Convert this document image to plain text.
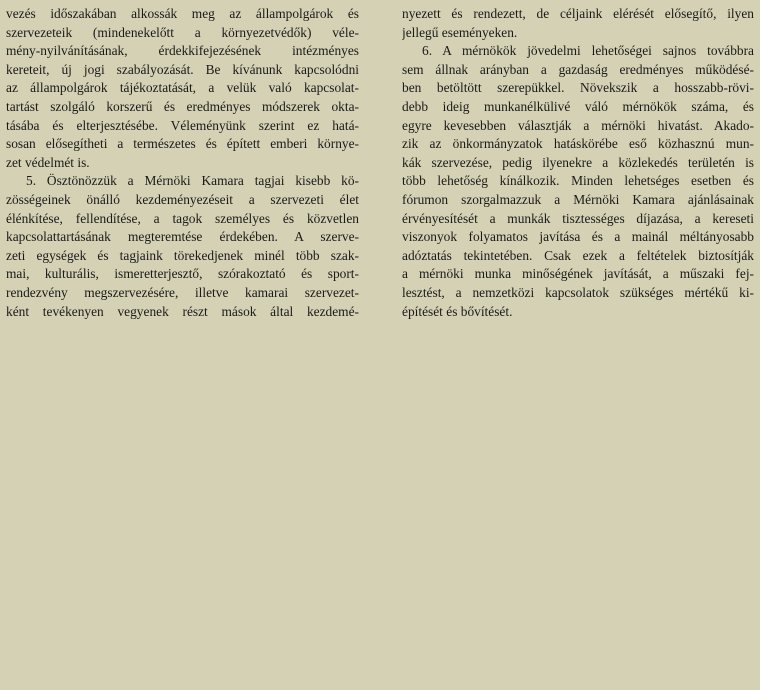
vezés időszakában alkossák meg az állampolgárok és
szervezeteik (mindenekelőtt a környezetvédők) véle-
mény-nyilvánításának, érdekkifejezésének intézményes
kereteit, új jogi szabályozását. Be kívánunk kapcsolódni
az állampolgárok tájékoztatását, a velük való kapcsolat-
tartást szolgáló korszerű és eredményes módszerek okta-
tásába és elterjesztésébe. Véleményünk szerint ez hatá-
sosan elősegítheti a természetes és épített emberi környe-
zet védelmét is.
5. Ösztönözzük a Mérnöki Kamara tagjai kisebb kö-
zösségeinek önálló kezdeményezéseit a szervezeti élet
élénkítése, fellendítése, a tagok személyes és közvetlen
kapcsolattartásának megteremtése érdekében. A szerve-
zeti egységek és tagjaink törekedjenek minél több szak-
mai, kulturális, ismeretterjesztő, szórakoztató és sport-
rendezvény megszervezésére, illetve kamarai szervezet-
ként tevékenyen vegyenek részt mások által kezdemé-
nyezett és rendezett, de céljaink elérését elősegítő, ilyen
jellegű eseményeken.
6. A mérnökök jövedelmi lehetőségei sajnos továbbra
sem állnak arányban a gazdaság eredményes működésé-
ben betöltött szerepükkel. Növekszik a hosszabb-rövi-
debb ideig munkanélkülivé váló mérnökök száma, és
egyre kevesebben választják a mérnöki hivatást. Akado-
zik az önkormányzatok hatáskörébe eső közhasznú mun-
kák szervezése, pedig ilyenekre a közlekedés területén is
több lehetőség kínálkozik. Minden lehetséges esetben és
fórumon szorgalmazzuk a Mérnöki Kamara ajánlásainak
érvényesítését a munkák tisztességes díjazása, a kereseti
viszonyok folyamatos javítása és a mainál méltányosabb
adóztatás tekintetében. Csak ezek a feltételek biztosítják
a mérnöki munka minőségének javítását, a műszaki fej-
lesztést, a nemzetközi kapcsolatok szükséges mértékű ki-
építését és bővítését.
